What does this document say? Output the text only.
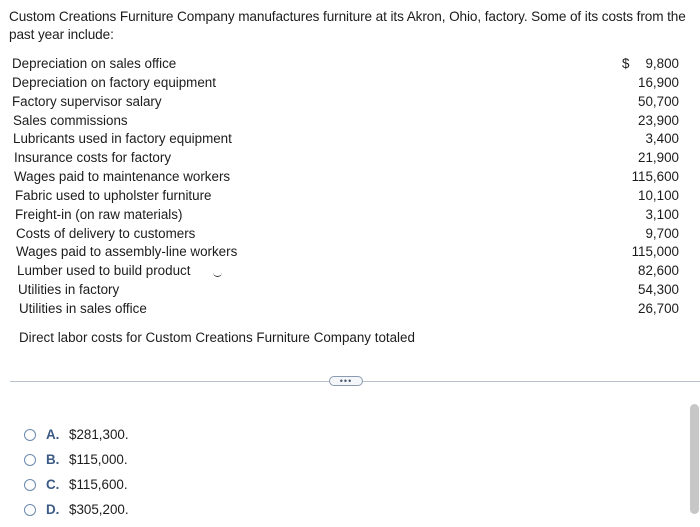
Custom Creations Furniture Company manufactures furniture at its Akron, Ohio, factory. Some of its costs from the past year include:
$
Depreciation on sales office	9,800
Depreciation on factory equipment	16,900
Factory supervisor salary	50,700
Sales commissions	23,900
Lubricants used in factory equipment	3,400
Insurance costs for factory	21,900
Wages paid to maintenance workers	115,600
Fabric used to upholster furniture	10,100
Freight‑in (on raw materials)	3,100
Costs of delivery to customers	9,700
Wages paid to assembly‑line workers	115,000
Lumber used to build product	82,600
Utilities in factory	54,300
Utilities in sales office	26,700
Direct labor costs for Custom Creations Furniture Company totaled
•••
A. $281,300.
B. $115,000.
C. $115,600.
D. $305,200.
